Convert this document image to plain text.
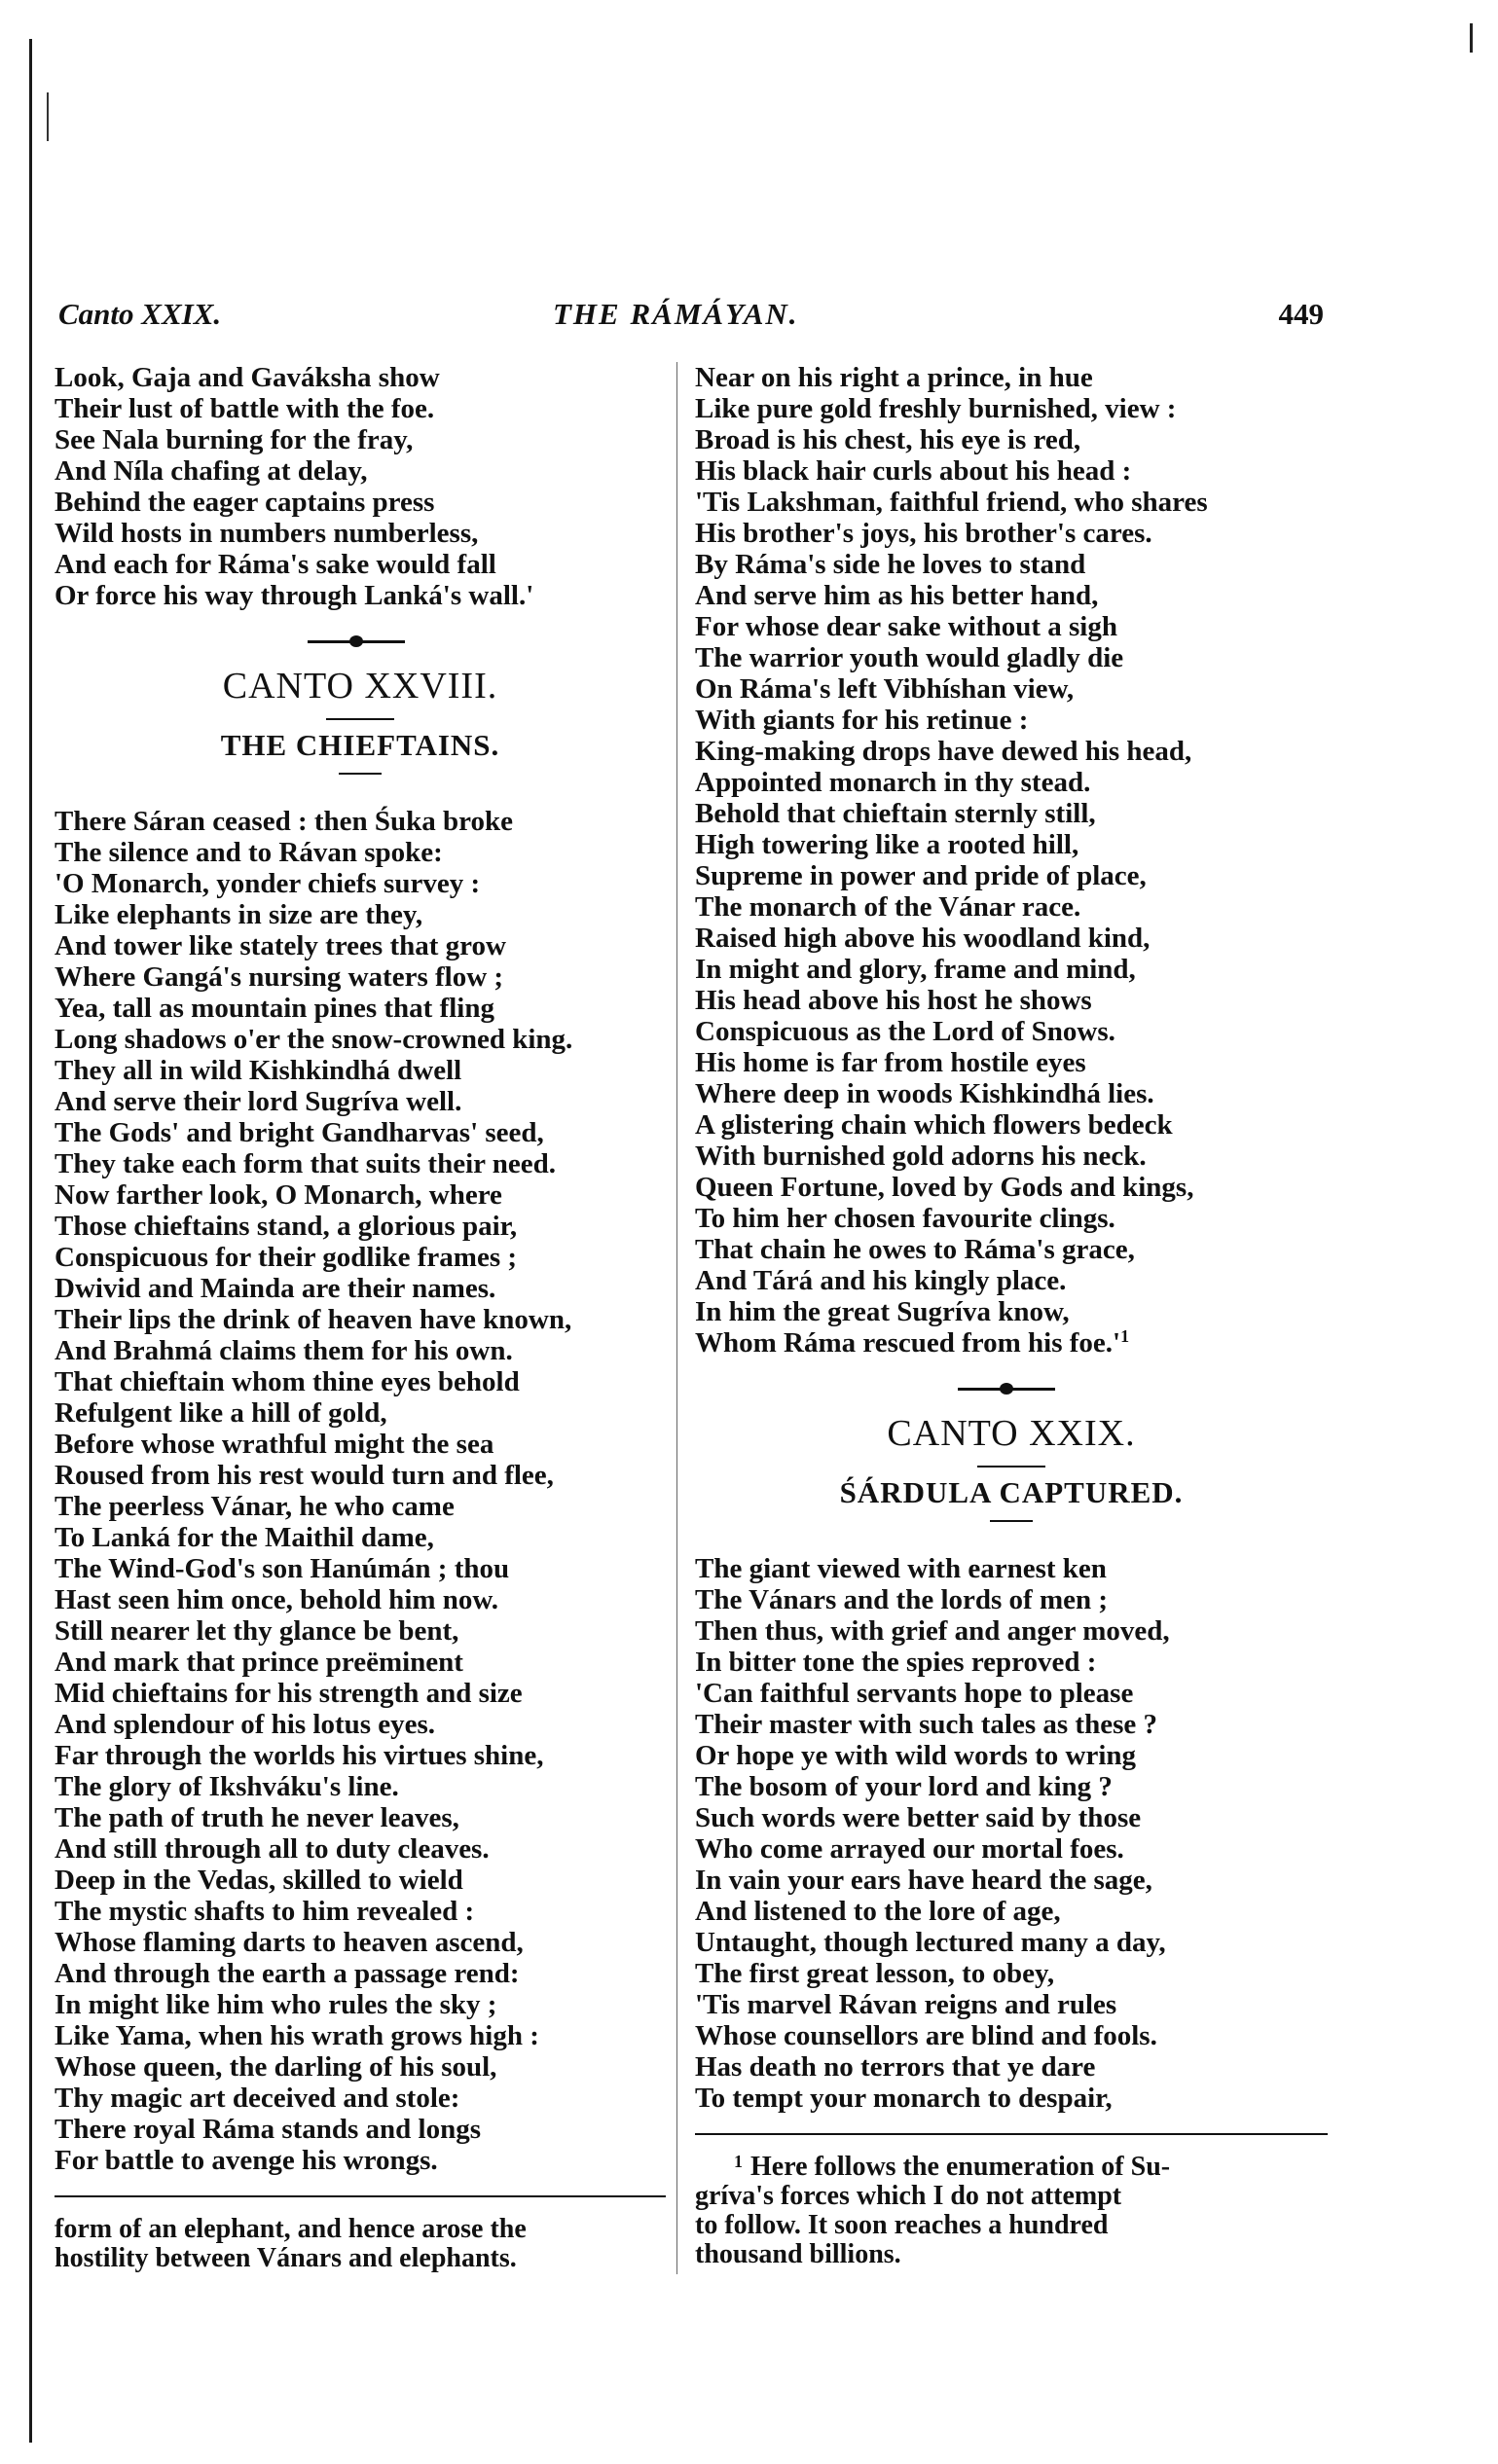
Canto XXIX.	THE RÁMÁYAN.	449
Look, Gaja and Gaváksha show
Their lust of battle with the foe.
See Nala burning for the fray,
And Níla chafing at delay,
Behind the eager captains press
Wild hosts in numbers numberless,
And each for Ráma's sake would fall
Or force his way through Lanká's wall.'
CANTO XXVIII.
THE CHIEFTAINS.
There Sáran ceased : then Śuka broke
The silence and to Rávan spoke:
'O Monarch, yonder chiefs survey :
Like elephants in size are they,
And tower like stately trees that grow
Where Gangá's nursing waters flow ;
Yea, tall as mountain pines that fling
Long shadows o'er the snow-crowned king.
They all in wild Kishkindhá dwell
And serve their lord Sugríva well.
The Gods' and bright Gandharvas' seed,
They take each form that suits their need.
Now farther look, O Monarch, where
Those chieftains stand, a glorious pair,
Conspicuous for their godlike frames ;
Dwivid and Mainda are their names.
Their lips the drink of heaven have known,
And Brahmá claims them for his own.
That chieftain whom thine eyes behold
Refulgent like a hill of gold,
Before whose wrathful might the sea
Roused from his rest would turn and flee,
The peerless Vánar, he who came
To Lanká for the Maithil dame,
The Wind-God's son Hanúmán ; thou
Hast seen him once, behold him now.
Still nearer let thy glance be bent,
And mark that prince preëminent
Mid chieftains for his strength and size
And splendour of his lotus eyes.
Far through the worlds his virtues shine,
The glory of Ikshváku's line.
The path of truth he never leaves,
And still through all to duty cleaves.
Deep in the Vedas, skilled to wield
The mystic shafts to him revealed :
Whose flaming darts to heaven ascend,
And through the earth a passage rend:
In might like him who rules the sky ;
Like Yama, when his wrath grows high :
Whose queen, the darling of his soul,
Thy magic art deceived and stole:
There royal Ráma stands and longs
For battle to avenge his wrongs.
form of an elephant, and hence arose the
hostility between Vánars and elephants.
Near on his right a prince, in hue
Like pure gold freshly burnished, view :
Broad is his chest, his eye is red,
His black hair curls about his head :
'Tis Lakshman, faithful friend, who shares
His brother's joys, his brother's cares.
By Ráma's side he loves to stand
And serve him as his better hand,
For whose dear sake without a sigh
The warrior youth would gladly die
On Ráma's left Vibhíshan view,
With giants for his retinue :
King-making drops have dewed his head,
Appointed monarch in thy stead.
Behold that chieftain sternly still,
High towering like a rooted hill,
Supreme in power and pride of place,
The monarch of the Vánar race.
Raised high above his woodland kind,
In might and glory, frame and mind,
His head above his host he shows
Conspicuous as the Lord of Snows.
His home is far from hostile eyes
Where deep in woods Kishkindhá lies.
A glistering chain which flowers bedeck
With burnished gold adorns his neck.
Queen Fortune, loved by Gods and kings,
To him her chosen favourite clings.
That chain he owes to Ráma's grace,
And Tárá and his kingly place.
In him the great Sugríva know,
Whom Ráma rescued from his $foe.'^1$
CANTO XXIX.
ŚÁRDULA CAPTURED.
The giant viewed with earnest ken
The Vánars and the lords of men ;
Then thus, with grief and anger moved,
In bitter tone the spies reproved :
'Can faithful servants hope to please
Their master with such tales as these ?
Or hope ye with wild words to wring
The bosom of your lord and king ?
Such words were better said by those
Who come arrayed our mortal foes.
In vain your ears have heard the sage,
And listened to the lore of age,
Untaught, though lectured many a day,
The first great lesson, to obey,
'Tis marvel Rávan reigns and rules
Whose counsellors are blind and fools.
Has death no terrors that ye dare
To tempt your monarch to despair,
$^1$ Here follows the enumeration of Su-
gríva's forces which I do not attempt
to follow. It soon reaches a hundred
thousand billions.
